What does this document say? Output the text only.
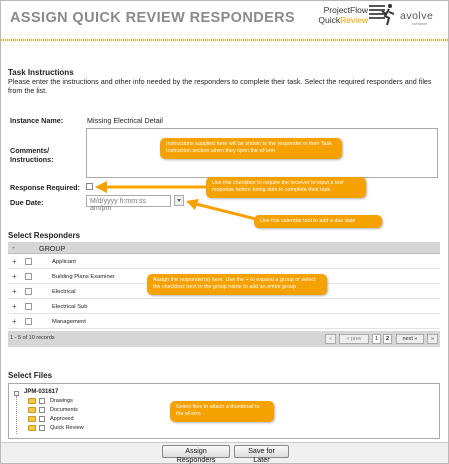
ASSIGN QUICK REVIEW RESPONDERS	ProjectFlow
QuickReview	avolve
software
Task Instructions
Please enter the instructions and other info needed by the responders to complete their task. Select the required responders and files from the list.
Instance Name:	Missing Electrical Detail
Comments/ Instructions:
Instructions supplied here will be shown to the responder in their Task Instruction section when they open the eForm
Response Required:	Use this checkbox to require the receiver to input a text response before being able to complete their task
Due Date:	M/d/yyyy h:mm:ss am/pm
Use this calendar tool to add a due date
Select Responders
-	GROUP
+	Applicant
+	Building Plans Examiner
+	Electrical
+	Electrical Sub
+	Management
Assign the responder(s) here. Use the + to expand a group or select the checkbox next to the group name to add an entire group
1 - 5 of 10 records	«	« prev	1	2	next »	»
Select Files
JPM-031617
Drawings
Documents
Approved
Quick Review
Select files to attach a thumbnail to the eForm
Assign Responders
Save for Later
